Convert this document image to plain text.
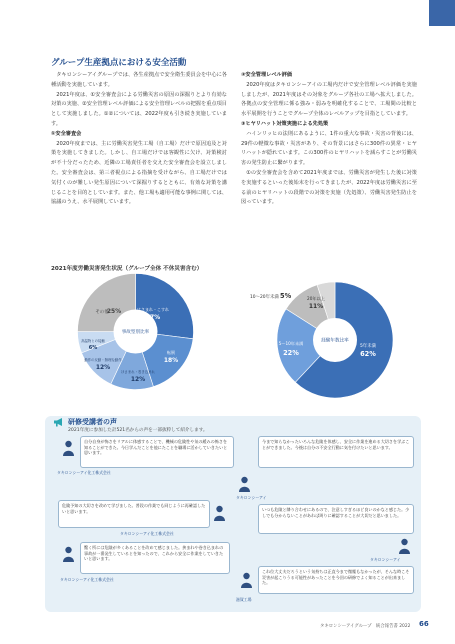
グループ生産拠点における安全活動

タキロンシーアイグループでは、各生産拠点で安全衛生委員会を中心に各種活動を実施しています。

2021年度は、①安全審査会による労働災害の原因の深掘りとより有効な対策の実施、②安全管理レベル評価による安全管理レベルの把握を重点項目として実施しました。①②については、2022年度も引き続き実施しています。

①安全審査会

2020年度までは、主に労働災害発生工場（自工場）だけで原因追及と対策を実施してきました。しかし、自工場だけでは客観性に欠け、対策検討が不十分だったため、近隣の工場責任者を交えた安全審査会を設立しました。安全審査会は、第三者視点による指摘を受けながら、自工場だけでは気付くのが難しい発生原因について深掘りするとともに、有効な対策を講じることを目的としています。また、他工場も適用可能な事例に関しては、協議のうえ、水平展開しています。

②安全管理レベル評価

2020年度はタキロンシーアイの工場内だけで安全管理レベル評価を実施しましたが、2021年度はその対象をグループ各社の工場へ拡大しました。各拠点の安全管理に係る強み・弱みを明確化することで、工場間の比較と水平展開を行うことでグループ全体のレベルアップを目指としています。

③ヒヤリハット対策実施による先処策

ハインリッヒの法則にあるように、1件の重大な事故・災害の背後には、29件の軽微な事故・災害があり、その背景にはさらに300件の異常・ヒヤリハットが隠れています。この300件のヒヤリハットを減らすことが労働災害の発生防止に繋がります。

①の安全審査会を含めて2021年度までは、労働災害が発生した後に対策を実施するといった後始末を行ってきましたが、2022年度は労働災害に至る前のヒヤリハットの段階での対策を実施（先処策）、労働災害発生防止を図っています。

2021年度労働災害発生状況（グループ全体 不休災害含む）
事故型別比率
はさまれ・こすれ
27%
転倒
18%
ほさまれ・巻き込まれ
12%
動作の反動・無理な動作
12%
高温物との接触
6%
その他
25%
経験年数比率
5年未満
62%
5〜10年未満
22%
20年以上
11%
10〜20年未満 5%
研修受講者の声
2021年度に参加した計521名からの声を一部抜粋して紹介します。
自分自身が怖さをリアルに体感することで、機械の危険性や気の緩みの怖さを知ることができた。今日学んだことを他にたことを職場に活かしていきたいと思います。
タキロンシーアイ化工株式会社
今まで知らなかったいろんな危険を体感し、安全に作業を進める大切さを学ぶことができました。今後は自分の不安全行動に気を付けたいと思います。
タキロンシーアイ
危険予知の大切さを改めて学びました。普段の作業でも同じように再確認したいと思います。
タキロンシーアイ化工株式会社
いつも危険と隣り合わせにあるので、注意しすぎるほど良いのかなと感じた。少しでも分からないことがあれば周りに確認することが大切だと思いました。
タキロンシーアイ
驚く所には危険が多くあることを改めて感じました。挟まれや巻き込まれの事故が一番発生しているとを知ったので、これから安全に作業をしていきたいと思います。
タキロンシーアイ化工株式会社
これ位大丈夫だろうという気持ちは正直今まで微塵もなかったが、そんな時こそ災害が起こりうる可能性があったことを今回の研修でよく知ることが出来ました。
滋賀工場
タキロンシーアイグループ　統合報告書 2022 66
